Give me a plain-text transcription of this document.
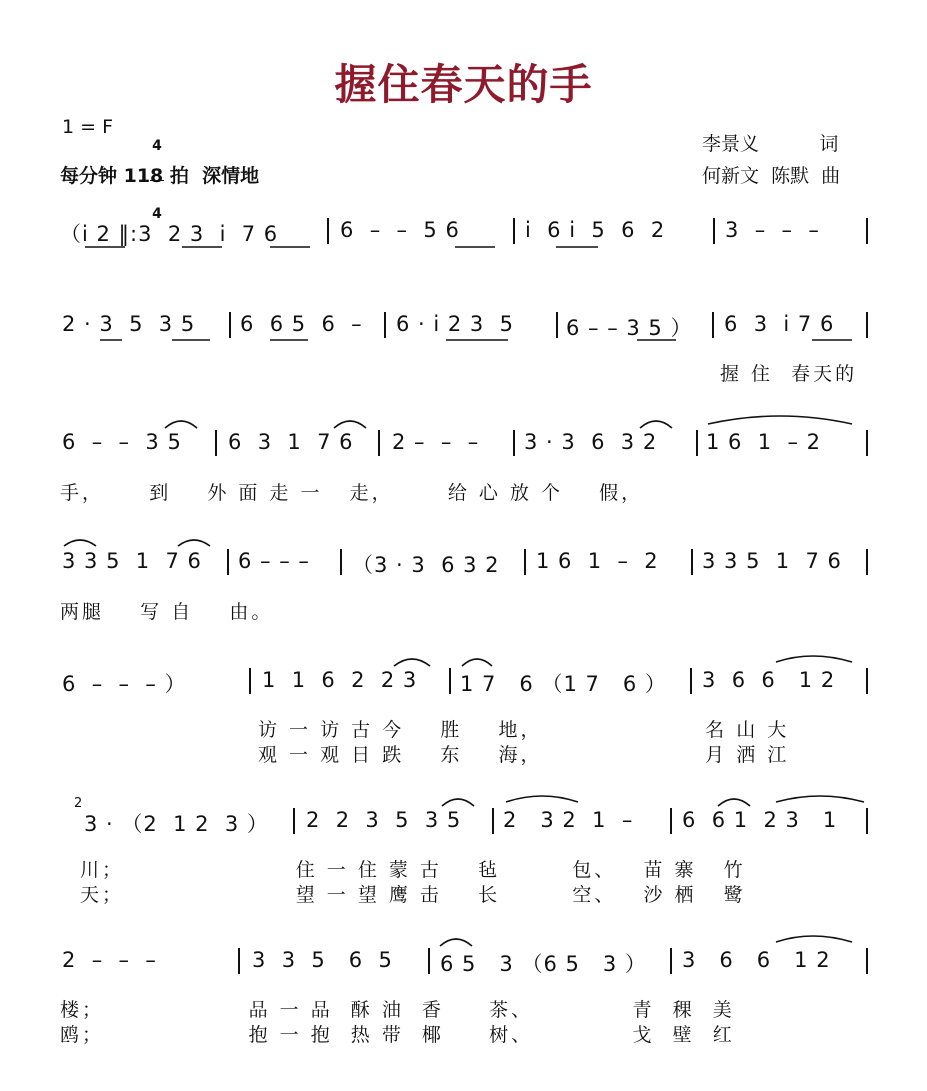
握住春天的手
1 = F

4

4

每分钟 118 拍  深情地
李景义          词
何新文  陈默  曲
（i 2 ‖:3  2 3  i  7 6	6  –  –  5 6	i  6 i  5  6  2	3  –  –  –
2 · 3  5  3 5 6  6 5  6  – 6 · i 2 3  5 6 – – 3 5 ） 6  3  i 7 6
握 住  春天的
6  –  –  3 5 6  3  1  7 6 2 –  –  – 3 · 3  6  3 2 1 6  1  – 2
手，     到    外 面 走 一   走，      给 心 放 个    假，
3 3 5  1  7 6 6 – – – （3 · 3  6 3 2 1 6  1  –  2 3 3 5  1  7 6
两腿    写 自    由。
6  –  –  – ）	1  1  6  2  2 3 1 7   6 （1 7   6 ） 3  6  6   1 2
访 一 访 古 今    胜    地，                  名 山 大
观 一 观 日 跌    东    海，                  月 洒 江
2
3 · （2  1 2  3 ） 2  2  3  5  3 5 2   3 2  1  – 6  6 1  2 3   1
川；                   住 一 住 蒙 古    毡        包、   苗 寨   竹
天；                   望 一 望 鹰 击    长        空、   沙 栖   鹭
2  –  –  –	3  3  5   6  5 6 5   3 （6 5   3 ） 3   6   6   1 2
楼；                品 一 品  酥 油  香     茶、           青  稞  美
鸥；                抱 一 抱  热 带  椰     树、           戈  壁  红
